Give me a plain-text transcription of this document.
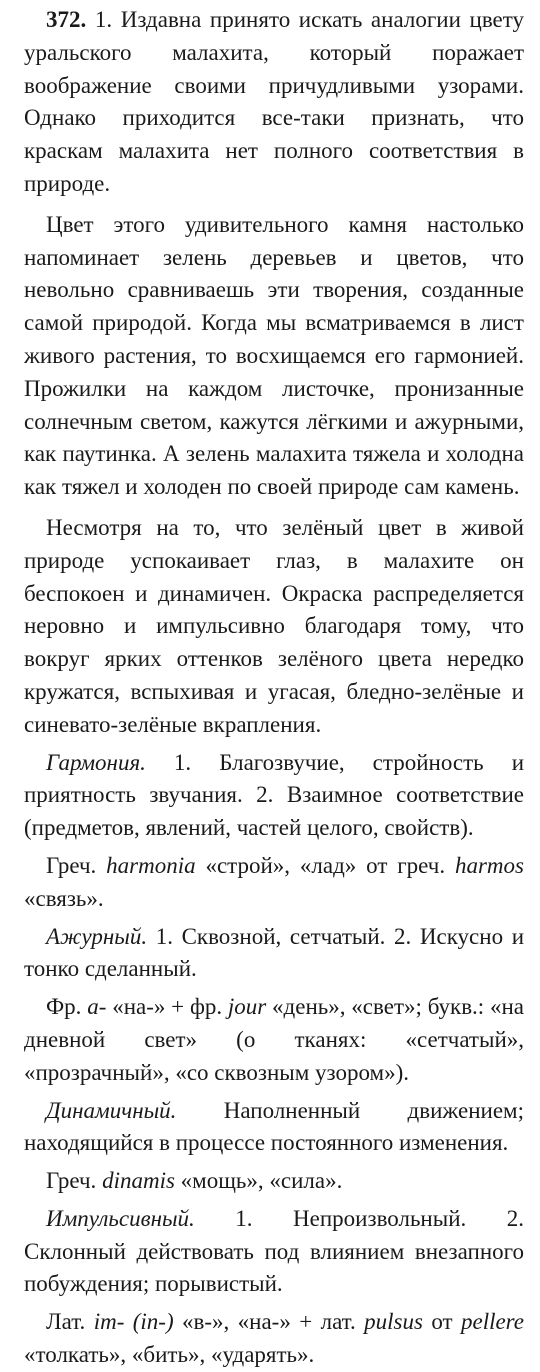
372. 1. Издавна принято искать аналогии цвету уральского малахита, который поражает воображение своими причудливыми узорами. Однако приходится все-таки признать, что краскам малахита нет полного соответствия в природе.

Цвет этого удивительного камня настолько напоминает зелень деревьев и цветов, что невольно сравниваешь эти творения, созданные самой природой. Когда мы всматриваемся в лист живого растения, то восхищаемся его гармонией. Прожилки на каждом листочке, пронизанные солнечным светом, кажутся лёгкими и ажурными, как паутинка. А зелень малахита тяжела и холодна как тяжел и холоден по своей природе сам камень.

Несмотря на то, что зелёный цвет в живой природе успокаивает глаз, в малахите он беспокоен и динамичен. Окраска распределяется неровно и импульсивно благодаря тому, что вокруг ярких оттенков зелёного цвета нередко кружатся, вспыхивая и угасая, бледно-зелёные и синевато-зелёные вкрапления.

Гармония. 1. Благозвучие, стройность и приятность звучания. 2. Взаимное соответствие (предметов, явлений, частей целого, свойств).

Греч. harmonia «строй», «лад» от греч. harmos «связь».

Ажурный. 1. Сквозной, сетчатый. 2. Искусно и тонко сделанный.

Фр. а- «на-» + фр. jour «день», «свет»; букв.: «на дневной свет» (о тканях: «сетчатый», «прозрачный», «со сквозным узором»).

Динамичный. Наполненный движением; находящийся в процессе постоянного изменения.

Греч. dinamis «мощь», «сила».

Импульсивный. 1. Непроизвольный. 2. Склонный действовать под влиянием внезапного побуждения; порывистый.

Лат. im- (in-) «в-», «на-» + лат. pulsus от pellere «толкать», «бить», «ударять».
